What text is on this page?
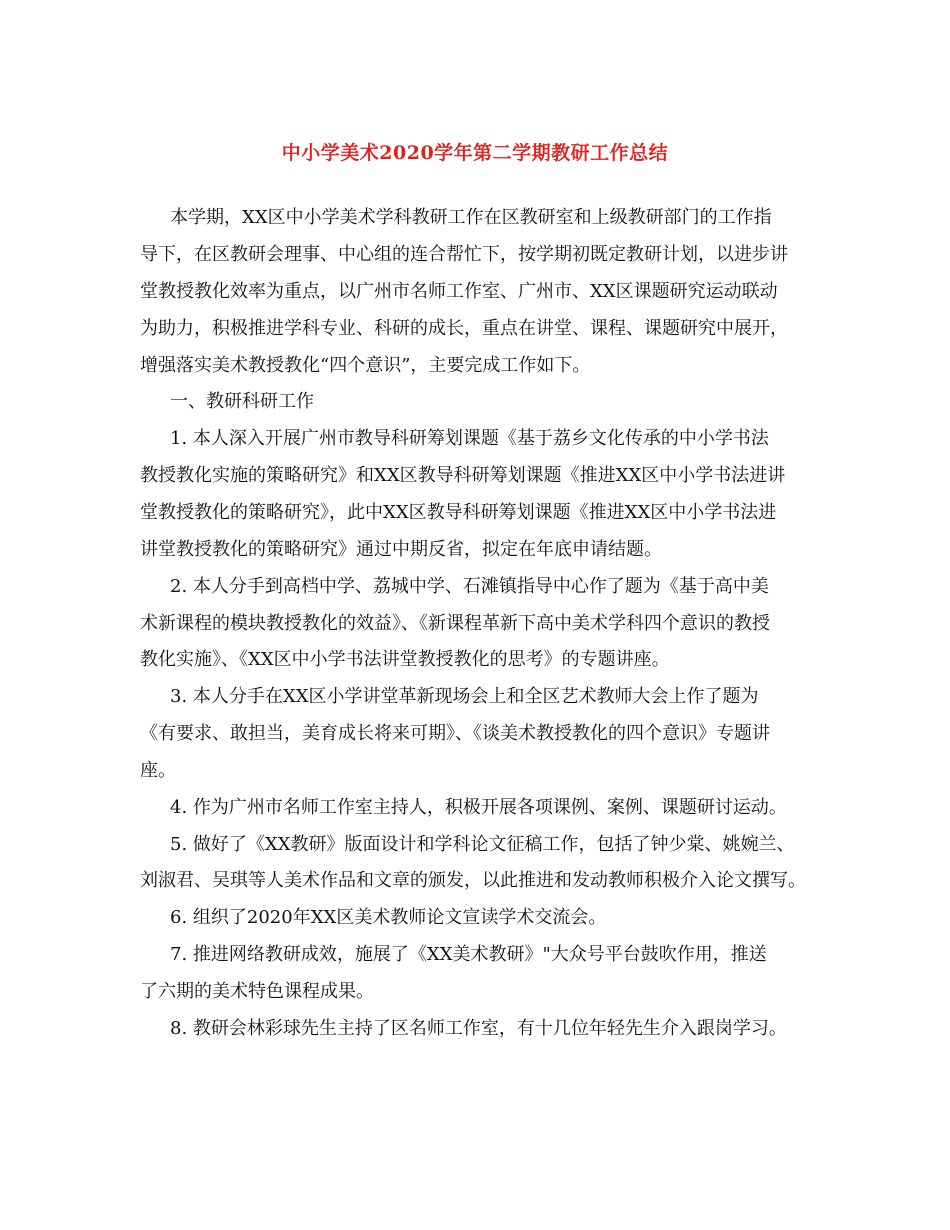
中小学美术2020学年第二学期教研工作总结
本学期，XX区中小学美术学科教研工作在区教研室和上级教研部门的工作指
导下，在区教研会理事、中心组的连合帮忙下，按学期初既定教研计划，以进步讲
堂教授教化效率为重点，以广州市名师工作室、广州市、XX区课题研究运动联动
为助力，积极推进学科专业、科研的成长，重点在讲堂、课程、课题研究中展开，
增强落实美术教授教化“四个意识”，主要完成工作如下。
一、教研科研工作
1. 本人深入开展广州市教导科研筹划课题《基于荔乡文化传承的中小学书法
教授教化实施的策略研究》和XX区教导科研筹划课题《推进XX区中小学书法进讲
堂教授教化的策略研究》，此中XX区教导科研筹划课题《推进XX区中小学书法进
讲堂教授教化的策略研究》通过中期反省，拟定在年底申请结题。
2. 本人分手到高档中学、荔城中学、石滩镇指导中心作了题为《基于高中美
术新课程的模块教授教化的效益》、《新课程革新下高中美术学科四个意识的教授
教化实施》、《XX区中小学书法讲堂教授教化的思考》的专题讲座。
3. 本人分手在XX区小学讲堂革新现场会上和全区艺术教师大会上作了题为
《有要求、敢担当，美育成长将来可期》、《谈美术教授教化的四个意识》专题讲
座。
4. 作为广州市名师工作室主持人，积极开展各项课例、案例、课题研讨运动。
5. 做好了《XX教研》版面设计和学科论文征稿工作，包括了钟少棠、姚婉兰、
刘淑君、吴琪等人美术作品和文章的颁发，以此推进和发动教师积极介入论文撰写。
6. 组织了2020年XX区美术教师论文宣读学术交流会。
7. 推进网络教研成效，施展了《XX美术教研》"大众号平台鼓吹作用，推送
了六期的美术特色课程成果。
8. 教研会林彩球先生主持了区名师工作室，有十几位年轻先生介入跟岗学习。
